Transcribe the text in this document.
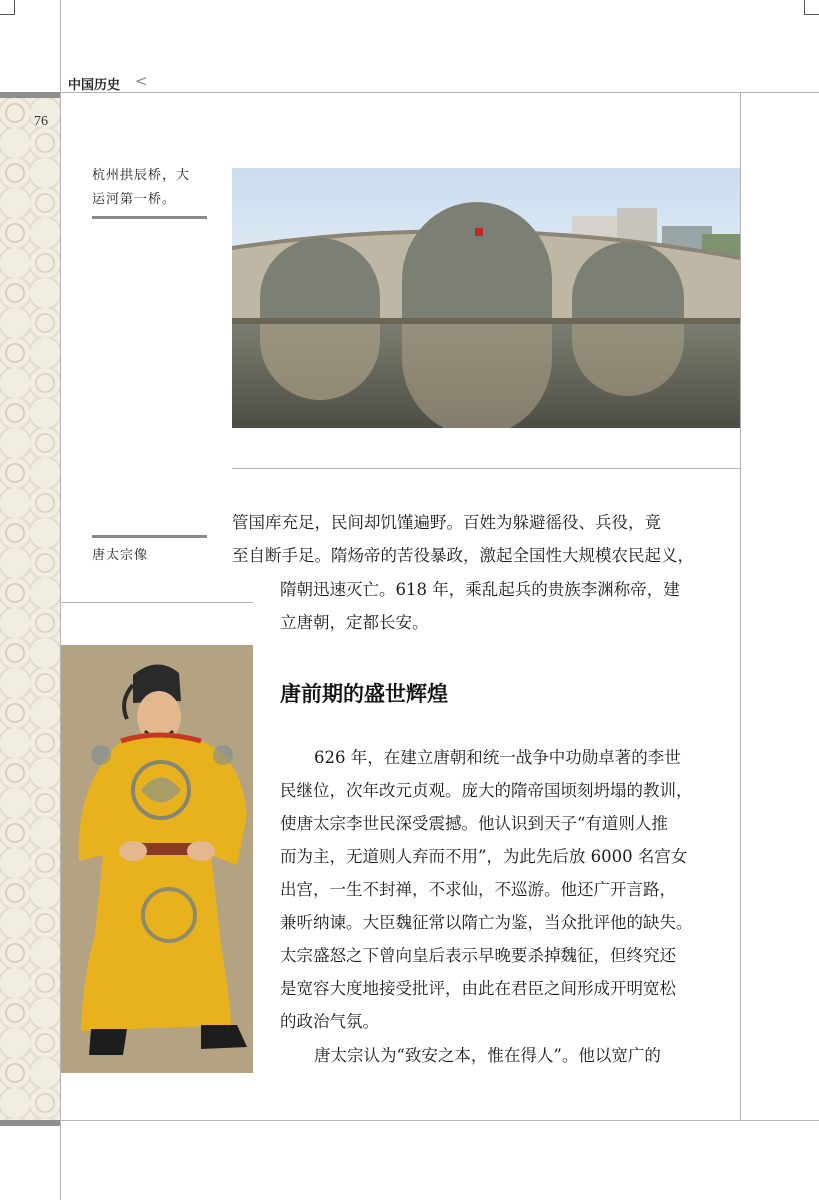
中国历史 <
76
杭州拱辰桥，大
运河第一桥。
唐太宗像
管国库充足，民间却饥馑遍野。百姓为躲避徭役、兵役，竟
至自断手足。隋炀帝的苦役暴政，激起全国性大规模农民起义，
隋朝迅速灭亡。618 年，乘乱起兵的贵族李渊称帝，建
立唐朝，定都长安。
唐前期的盛世辉煌
626 年，在建立唐朝和统一战争中功勋卓著的李世
民继位，次年改元贞观。庞大的隋帝国顷刻坍塌的教训，
使唐太宗李世民深受震撼。他认识到天子“有道则人推
而为主，无道则人弃而不用”，为此先后放 6000 名宫女
出宫，一生不封禅，不求仙，不巡游。他还广开言路，
兼听纳谏。大臣魏征常以隋亡为鉴，当众批评他的缺失。
太宗盛怒之下曾向皇后表示早晚要杀掉魏征，但终究还
是宽容大度地接受批评，由此在君臣之间形成开明宽松
的政治气氛。
唐太宗认为“致安之本，惟在得人”。他以宽广的
